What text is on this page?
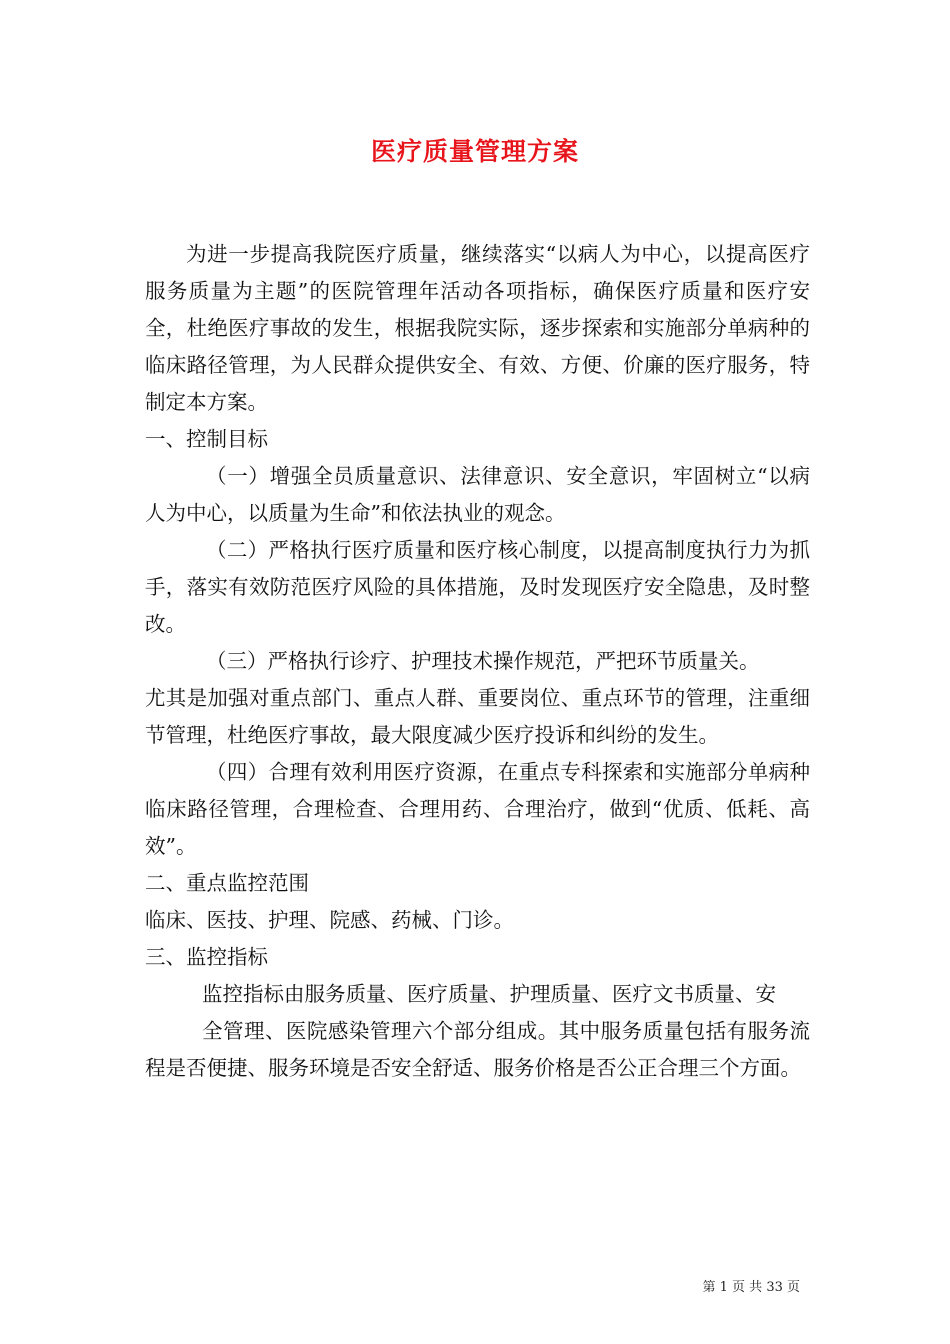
医疗质量管理方案

为进一步提高我院医疗质量，继续落实“以病人为中心，以提高医疗服务质量为主题”的医院管理年活动各项指标，确保医疗质量和医疗安全，杜绝医疗事故的发生，根据我院实际，逐步探索和实施部分单病种的临床路径管理，为人民群众提供安全、有效、方便、价廉的医疗服务，特制定本方案。

一、控制目标

（一）增强全员质量意识、法律意识、安全意识，牢固树立“以病人为中心，以质量为生命”和依法执业的观念。

（二）严格执行医疗质量和医疗核心制度，以提高制度执行力为抓手，落实有效防范医疗风险的具体措施，及时发现医疗安全隐患，及时整改。

（三）严格执行诊疗、护理技术操作规范，严把环节质量关。

尤其是加强对重点部门、重点人群、重要岗位、重点环节的管理，注重细节管理，杜绝医疗事故，最大限度减少医疗投诉和纠纷的发生。

（四）合理有效利用医疗资源，在重点专科探索和实施部分单病种临床路径管理，合理检查、合理用药、合理治疗，做到“优质、低耗、高效”。

二、重点监控范围

临床、医技、护理、院感、药械、门诊。

三、监控指标

监控指标由服务质量、医疗质量、护理质量、医疗文书质量、安

全管理、医院感染管理六个部分组成。其中服务质量包括有服务流程是否便捷、服务环境是否安全舒适、服务价格是否公正合理三个方面。

第 1 页 共 33 页
